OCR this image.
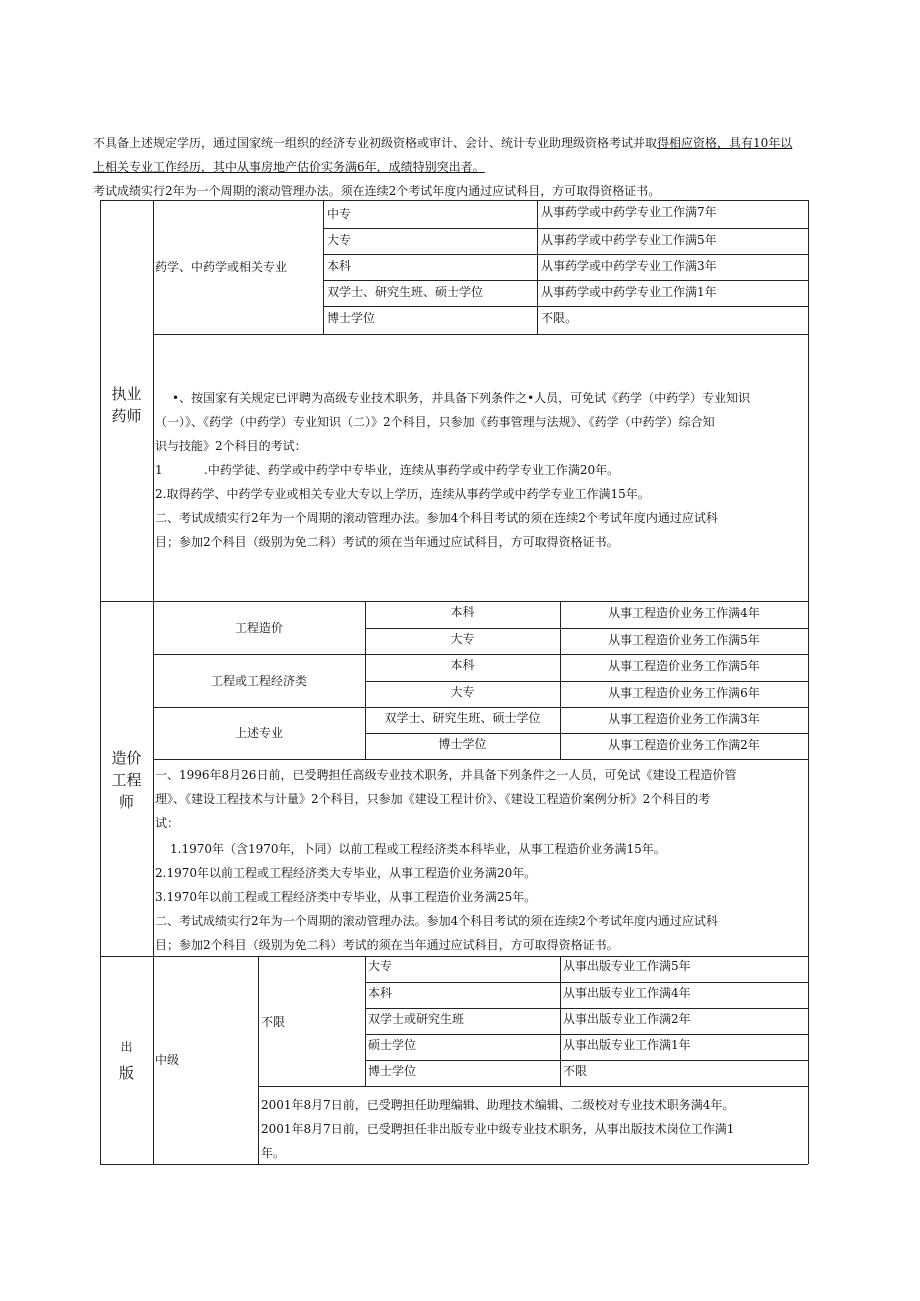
不具备上述规定学历，通过国家统一组织的经济专业初级资格或审计、会计、统计专业助理级资格考试并取得相应资格，具有10年以
上相关专业工作经历，其中从事房地产估价实务满6年，成绩特别突出者。
考试成绩实行2年为一个周期的滚动管理办法。须在连续2个考试年度内通过应试科目，方可取得资格证书。
执业
药师
药学、中药学或相关专业
中专	从事药学或中药学专业工作满7年
大专	从事药学或中药学专业工作满5年
本科	从事药学或中药学专业工作满3年
双学士、研究生班、硕士学位	从事药学或中药学专业工作满1年
博士学位	不限。
•、按国家有关规定已评聘为高级专业技术职务，并具备下列条件之•人员，可免试《药学（中药学）专业知识
（一）》、《药学（中药学）专业知识（二）》2个科目，只参加《药事管理与法规》、《药学（中药学）综合知
识与技能》2个科目的考试：
1	.中药学徒、药学或中药学中专毕业，连续从事药学或中药学专业工作满20年。
2.取得药学、中药学专业或相关专业大专以上学历，连续从事药学或中药学专业工作满15年。
二、考试成绩实行2年为一个周期的滚动管理办法。参加4个科目考试的须在连续2个考试年度内通过应试科
目；参加2个科目（级别为免二科）考试的须在当年通过应试科目，方可取得资格证书。
造价
工程
师
工程造价
工程或工程经济类
上述专业
本科	从事工程造价业务工作满4年
大专	从事工程造价业务工作满5年
本科	从事工程造价业务工作满5年
大专	从事工程造价业务工作满6年
双学士、研究生班、硕士学位	从事工程造价业务工作满3年
博士学位	从事工程造价业务工作满2年
一、1996年8月26日前，已受聘担任高级专业技术职务，并具备下列条件之一人员，可免试《建设工程造价管
理》、《建设工程技术与计量》2个科目，只参加《建设工程计价》、《建设工程造价案例分析》2个科目的考
试：
1.1970年（含1970年，卜同）以前工程或工程经济类本科毕业，从事工程造价业务满15年。
2.1970年以前工程或工程经济类大专毕业，从事工程造价业务满20年。
3.1970年以前工程或工程经济类中专毕业，从事工程造价业务满25年。
二、考试成绩实行2年为一个周期的滚动管理办法。参加4个科目考试的须在连续2个考试年度内通过应试科
目；参加2个科目（级别为免二科）考试的须在当年通过应试科目，方可取得资格证书。
出
版
中级
不限
大专	从事出版专业工作满5年
本科	从事出版专业工作满4年
双学士或研究生班	从事出版专业工作满2年
硕士学位	从事出版专业工作满1年
博士学位	不限
2001年8月7日前，已受聘担任助理编辑、助理技术编辑、二级校对专业技术职务满4年。
2001年8月7日前，已受聘担任非出版专业中级专业技术职务，从事出版技术岗位工作满1
年。
